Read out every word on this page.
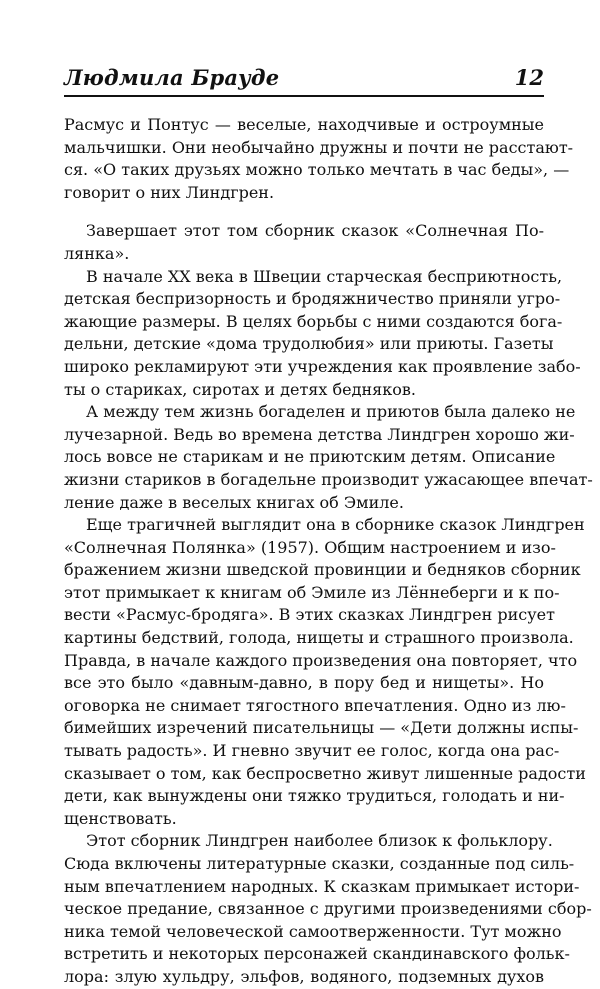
Людмила Брауде	12
Расмус и Понтус — веселые, находчивые и остроумные
мальчишки. Они необычайно дружны и почти не расстают-
ся. «О таких друзьях можно только мечтать в час беды», —
говорит о них Линдгрен.
Завершает этот том сборник сказок «Солнечная По-
лянка».
В начале XX века в Швеции старческая бесприютность,
детская беспризорность и бродяжничество приняли угро-
жающие размеры. В целях борьбы с ними создаются богa-
дельни, детские «дома трудолюбия» или приюты. Газеты
широко рекламируют эти учреждения как проявление забо-
ты о стариках, сиротах и детях бедняков.
А между тем жизнь богаделен и приютов была далеко не
лучезарной. Ведь во времена детства Линдгрен хорошо жи-
лось вовсе не старикам и не приютским детям. Описание
жизни стариков в богадельне производит ужасающее впечат-
ление даже в веселых книгах об Эмиле.
Еще трагичней выглядит она в сборнике сказок Линдгрен
«Солнечная Полянка» (1957). Общим настроением и изо-
бражением жизни шведской провинции и бедняков сборник
этот примыкает к книгам об Эмиле из Лённеберги и к по-
вести «Расмус-бродяга». В этих сказках Линдгрен рисует
картины бедствий, голода, нищеты и страшного произвола.
Правда, в начале каждого произведения она повторяет, что
все это было «давным-давно, в пору бед и нищеты». Но
оговорка не снимает тягостного впечатления. Одно из лю-
бимейших изречений писательницы — «Дети должны испы-
тывать радость». И гневно звучит ее голос, когда она рас-
сказывает о том, как беспросветно живут лишенные радости
дети, как вынуждены они тяжко трудиться, голодать и ни-
щенствовать.
Этот сборник Линдгрен наиболее близок к фольклору.
Сюда включены литературные сказки, созданные под силь-
ным впечатлением народных. К сказкам примыкает истори-
ческое предание, связанное с другими произведениями сбор-
ника темой человеческой самоотверженности. Тут можно
встретить и некоторых персонажей скандинавского фольк-
лора: злую хульдру, эльфов, водяного, подземных духов
